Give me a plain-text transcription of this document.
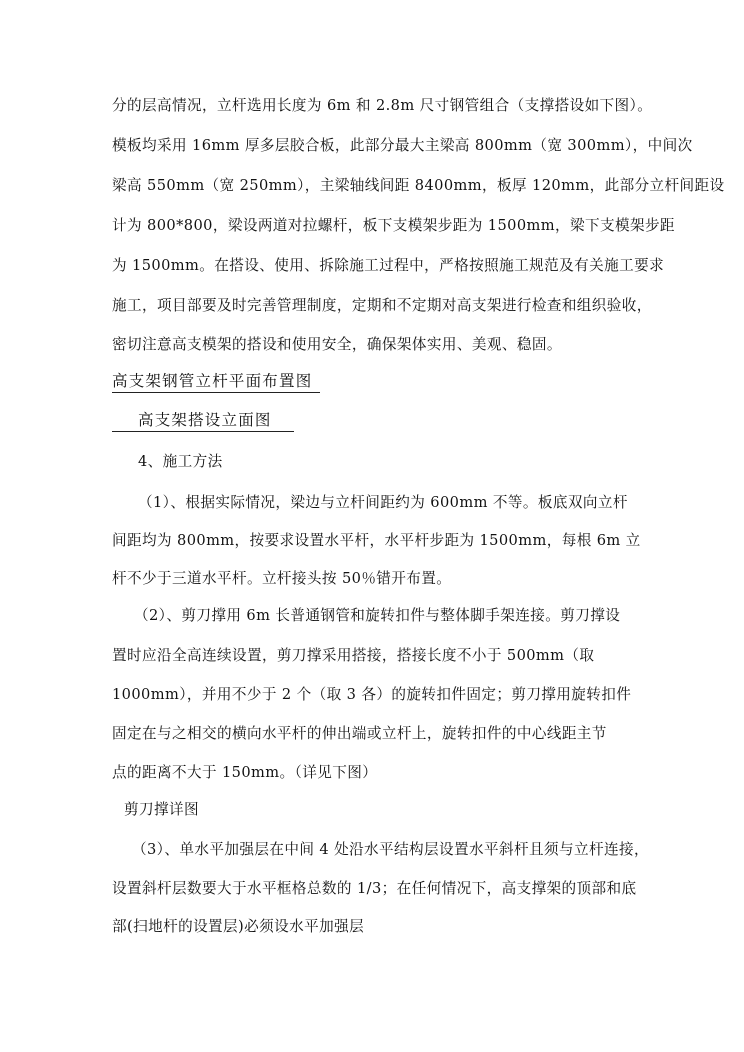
分的层高情况，立杆选用长度为 6m 和 2.8m 尺寸钢管组合（支撑搭设如下图）。
模板均采用 16mm 厚多层胶合板，此部分最大主梁高 800mm（宽 300mm），中间次
梁高 550mm（宽 250mm），主梁轴线间距 8400mm，板厚 120mm，此部分立杆间距设
计为 800*800，梁设两道对拉螺杆，板下支模架步距为 1500mm，梁下支模架步距
为 1500mm。在搭设、使用、拆除施工过程中，严格按照施工规范及有关施工要求
施工，项目部要及时完善管理制度，定期和不定期对高支架进行检查和组织验收，
密切注意高支模架的搭设和使用安全，确保架体实用、美观、稳固。
高支架钢管立杆平面布置图
高支架搭设立面图
4、施工方法
（1）、根据实际情况，梁边与立杆间距约为 600mm 不等。板底双向立杆
间距均为 800mm，按要求设置水平杆，水平杆步距为 1500mm，每根 6m 立
杆不少于三道水平杆。立杆接头按 50％错开布置。
（2）、剪刀撑用 6m 长普通钢管和旋转扣件与整体脚手架连接。剪刀撑设
置时应沿全高连续设置，剪刀撑采用搭接，搭接长度不小于 500mm（取
1000mm），并用不少于 2 个（取 3 各）的旋转扣件固定；剪刀撑用旋转扣件
固定在与之相交的横向水平杆的伸出端或立杆上，旋转扣件的中心线距主节
点的距离不大于 150mm。（详见下图）
剪刀撑详图
（3）、单水平加强层在中间 4 处沿水平结构层设置水平斜杆且须与立杆连接，
设置斜杆层数要大于水平框格总数的 1/3；在任何情况下，高支撑架的顶部和底
部(扫地杆的设置层)必须设水平加强层
